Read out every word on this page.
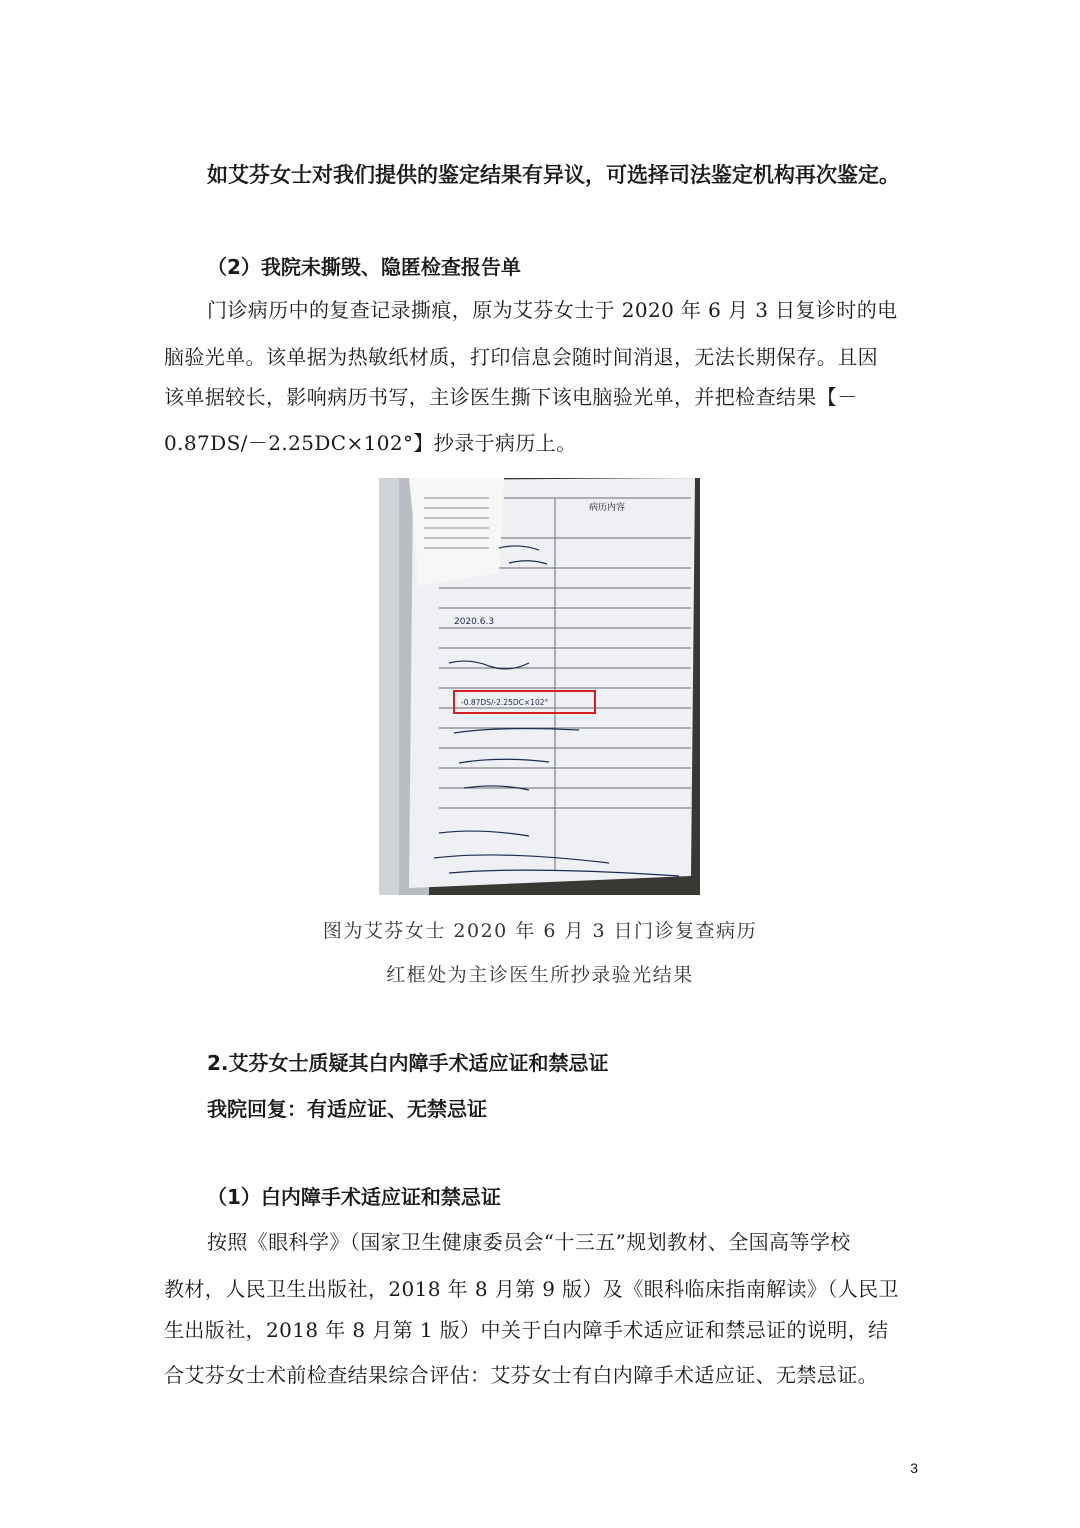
如艾芬女士对我们提供的鉴定结果有异议，可选择司法鉴定机构再次鉴定。
（2）我院未撕毁、隐匿检查报告单
门诊病历中的复查记录撕痕，原为艾芬女士于 2020 年 6 月 3 日复诊时的电
脑验光单。该单据为热敏纸材质，打印信息会随时间消退，无法长期保存。且因
该单据较长，影响病历书写，主诊医生撕下该电脑验光单，并把检查结果【－
0.87DS/－2.25DC×102°】抄录于病历上。
病历内容
2020.6.3
-0.87DS/-2.25DC×102°
图为艾芬女士 2020 年 6 月 3 日门诊复查病历
红框处为主诊医生所抄录验光结果
2.艾芬女士质疑其白内障手术适应证和禁忌证
我院回复：有适应证、无禁忌证
（1）白内障手术适应证和禁忌证
按照《眼科学》（国家卫生健康委员会“十三五”规划教材、全国高等学校
教材，人民卫生出版社，2018 年 8 月第 9 版）及《眼科临床指南解读》（人民卫
生出版社，2018 年 8 月第 1 版）中关于白内障手术适应证和禁忌证的说明，结
合艾芬女士术前检查结果综合评估：艾芬女士有白内障手术适应证、无禁忌证。
3
